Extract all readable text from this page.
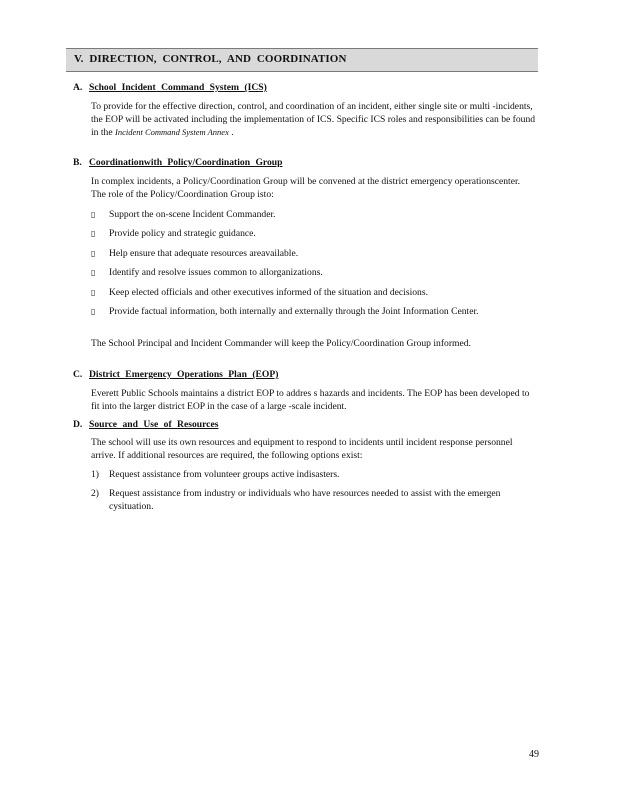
V. DIRECTION, CONTROL, AND COORDINATION
A. School Incident Command System (ICS)
To provide for the effective direction, control, and coordination of an incident, either single site or multi -incidents, the EOP will be activated including the implementation of ICS. Specific ICS roles and responsibilities can be found in the Incident Command System Annex .
B. Coordinationwith Policy/Coordination Group
In complex incidents, a Policy/Coordination Group will be convened at the district emergency operationscenter. The role of the Policy/Coordination Group isto:
▯	Support the on-scene Incident Commander.
▯	Provide policy and strategic guidance.
▯	Help ensure that adequate resources areavailable.
▯	Identify and resolve issues common to allorganizations.
▯	Keep elected officials and other executives informed of the situation and decisions.
▯	Provide factual information, both internally and externally through the Joint Information Center.
The School Principal and Incident Commander will keep the Policy/Coordination Group informed.
C. District Emergency Operations Plan (EOP)
Everett Public Schools maintains a district EOP to addres s hazards and incidents. The EOP has been developed to fit into the larger district EOP in the case of a large -scale incident.
D. Source and Use of Resources
The school will use its own resources and equipment to respond to incidents until incident response personnel arrive. If additional resources are required, the following options exist:
1) Request assistance from volunteer groups active indisasters.
2) Request assistance from industry or individuals who have resources needed to assist with the emergen cysituation.
49
